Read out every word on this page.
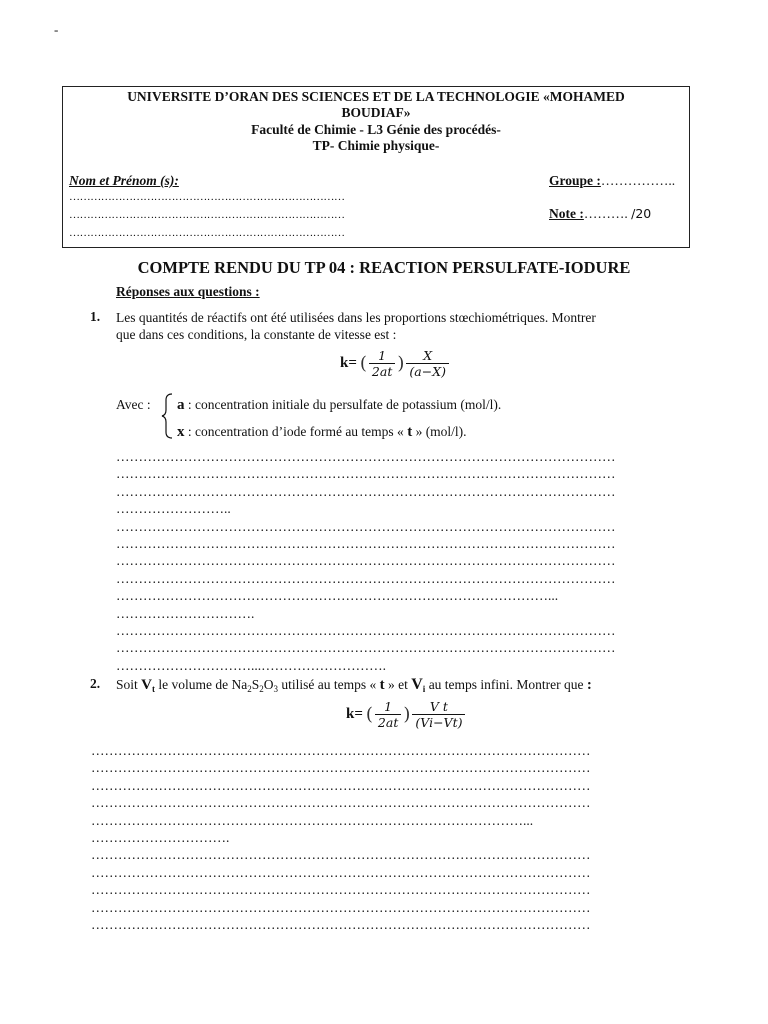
-
UNIVERSITE D’ORAN DES SCIENCES ET DE LA TECHNOLOGIE «MOHAMED
BOUDIAF»
Faculté de Chimie - L3 Génie des procédés-
TP- Chimie physique-
Nom et Prénom (s):
……………………………………………………………………
……………………………………………………………………
……………………………………………………………………
Groupe :……………..
Note :………. /20
COMPTE RENDU DU TP 04 : REACTION PERSULFATE-IODURE
Réponses aux questions :
1. Les quantités de réactifs ont été utilisées dans les proportions stœchiométriques. Montrer
que dans ces conditions, la constante de vitesse est :
k= ( $\frac{1}{2at}$ ) $\frac{X}{(a-X)}$
Avec : a : concentration initiale du persulfate de potassium (mol/l).
x : concentration d’iode formé au temps « t » (mol/l).
…………………………………………………………………………………………………
…………………………………………………………………………………………………
…………………………………………………………………………………………………
……………………..
…………………………………………………………………………………………………
…………………………………………………………………………………………………
…………………………………………………………………………………………………
…………………………………………………………………………………………………
……………………………………………………………………………………...
………………………….
…………………………………………………………………………………………………
…………………………………………………………………………………………………
…………………………...……………………….
2. Soit $V_t$ le volume de $Na_2S_2O_3$ utilisé au temps « t » et $V_i$ au temps infini. Montrer que :
k= ( $\frac{1}{2at}$ ) $\frac{\text{V t}}{(Vi-Vt)}$
…………………………………………………………………………………………………
…………………………………………………………………………………………………
…………………………………………………………………………………………………
…………………………………………………………………………………………………
……………………………………………………………………………………...
………………………….
…………………………………………………………………………………………………
…………………………………………………………………………………………………
…………………………………………………………………………………………………
…………………………………………………………………………………………………
…………………………………………………………………………………………………
